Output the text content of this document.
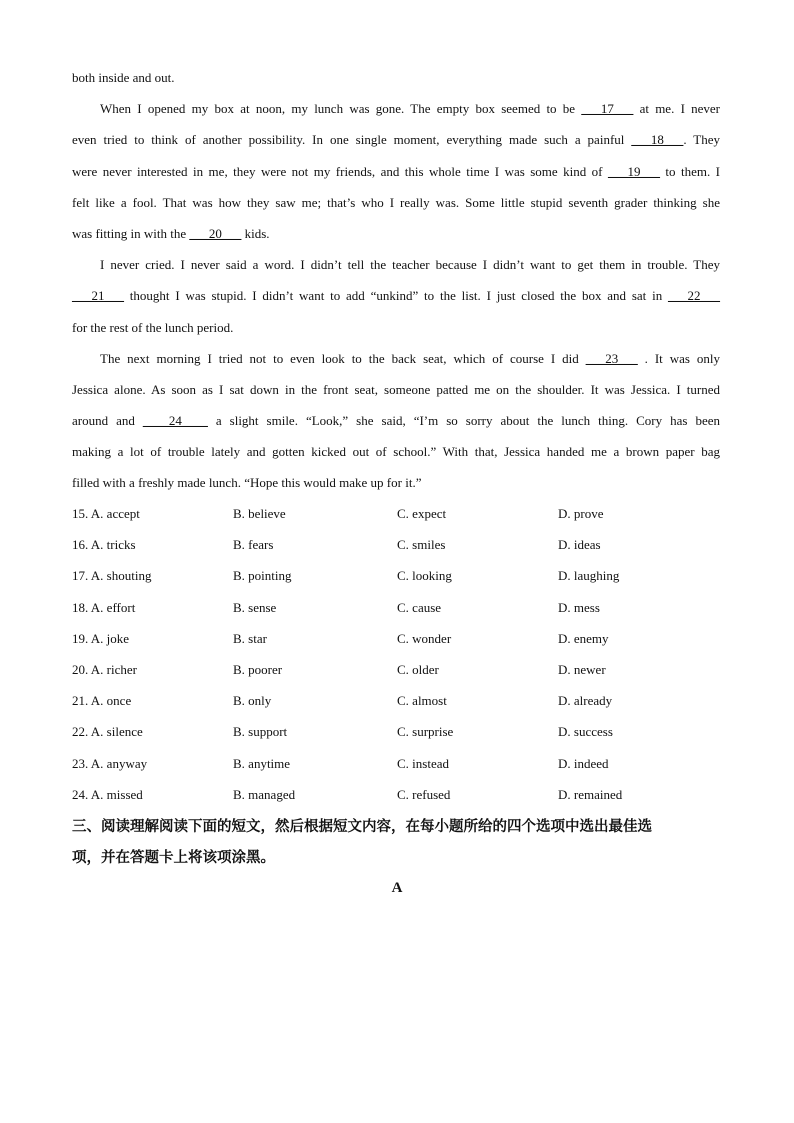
both inside and out.
When I opened my box at noon, my lunch was gone. The empty box seemed to be ___17___ at me. I never
even tried to think of another possibility. In one single moment, everything made such a painful ___18___. They
were never interested in me, they were not my friends, and this whole time I was some kind of ___19___ to them. I
felt like a fool. That was how they saw me; that’s who I really was. Some little stupid seventh grader thinking she
was fitting in with the ___20___ kids.
I never cried. I never said a word. I didn’t tell the teacher because I didn’t want to get them in trouble. They
___21___ thought I was stupid. I didn’t want to add “unkind” to the list. I just closed the box and sat in ___22___
for the rest of the lunch period.
The next morning I tried not to even look to the back seat, which of course I did ___23___ . It was only
Jessica alone. As soon as I sat down in the front seat, someone patted me on the shoulder. It was Jessica. I turned
around and ____24____ a slight smile. “Look,” she said, “I’m so sorry about the lunch thing. Cory has been
making a lot of trouble lately and gotten kicked out of school.” With that, Jessica handed me a brown paper bag
filled with a freshly made lunch. “Hope this would make up for it.”
15. A. accept	B. believe	C. expect	D. prove
16. A. tricks	B. fears	C. smiles	D. ideas
17. A. shouting	B. pointing	C. looking	D. laughing
18. A. effort	B. sense	C. cause	D. mess
19. A. joke	B. star	C. wonder	D. enemy
20. A. richer	B. poorer	C. older	D. newer
21. A. once	B. only	C. almost	D. already
22. A. silence	B. support	C. surprise	D. success
23. A. anyway	B. anytime	C. instead	D. indeed
24. A. missed	B. managed	C. refused	D. remained
三、阅读理解阅读下面的短文，然后根据短文内容，在每小题所给的四个选项中选出最佳选
项，并在答题卡上将该项涂黑。
A
